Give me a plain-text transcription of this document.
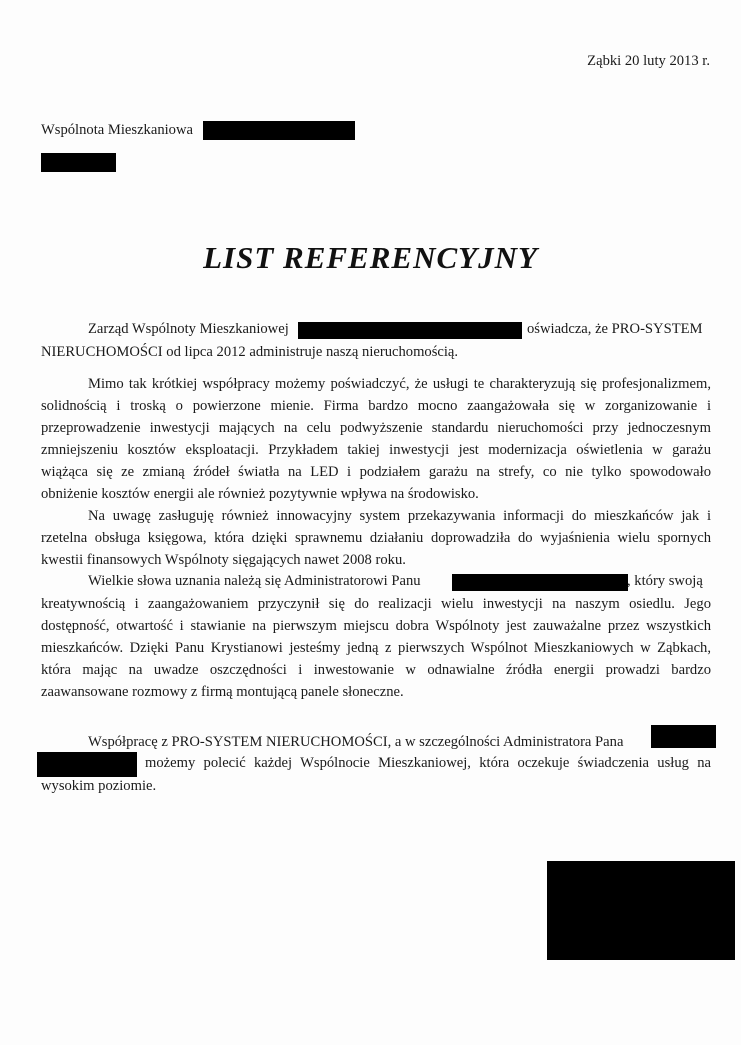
Ząbki 20 luty 2013 r.
Wspólnota Mieszkaniowa
LIST REFERENCYJNY
Zarząd Wspólnoty Mieszkaniowej	oświadcza, że PRO-SYSTEM
NIERUCHOMOŚCI od lipca 2012 administruje naszą nieruchomością.
Mimo tak krótkiej współpracy możemy poświadczyć, że usługi te charakteryzują się profesjonalizmem,
solidnością i troską o powierzone mienie. Firma bardzo mocno zaangażowała się w zorganizowanie i
przeprowadzenie inwestycji mających na celu podwyższenie standardu nieruchomości przy jednoczesnym
zmniejszeniu kosztów eksploatacji. Przykładem takiej inwestycji jest modernizacja oświetlenia w garażu
wiążąca się ze zmianą źródeł światła na LED i podziałem garażu na strefy, co nie tylko spowodowało
obniżenie kosztów energii ale również pozytywnie wpływa na środowisko.
Na uwagę zasługuję również innowacyjny system przekazywania informacji do mieszkańców jak i
rzetelna obsługa księgowa, która dzięki sprawnemu działaniu doprowadziła do wyjaśnienia wielu spornych
kwestii finansowych Wspólnoty sięgających nawet 2008 roku.
Wielkie słowa uznania należą się Administratorowi Panu	, który swoją
kreatywnością i zaangażowaniem przyczynił się do realizacji wielu inwestycji na naszym osiedlu. Jego
dostępność, otwartość i stawianie na pierwszym miejscu dobra Wspólnoty jest zauważalne przez wszystkich
mieszkańców. Dzięki Panu Krystianowi jesteśmy jedną z pierwszych Wspólnot Mieszkaniowych w Ząbkach,
która mając na uwadze oszczędności i inwestowanie w odnawialne źródła energii prowadzi bardzo
zaawansowane rozmowy z firmą montującą panele słoneczne.
Współpracę z PRO-SYSTEM NIERUCHOMOŚCI, a w szczególności Administratora Pana
możemy polecić każdej Wspólnocie Mieszkaniowej, która oczekuje świadczenia usług na
wysokim poziomie.
